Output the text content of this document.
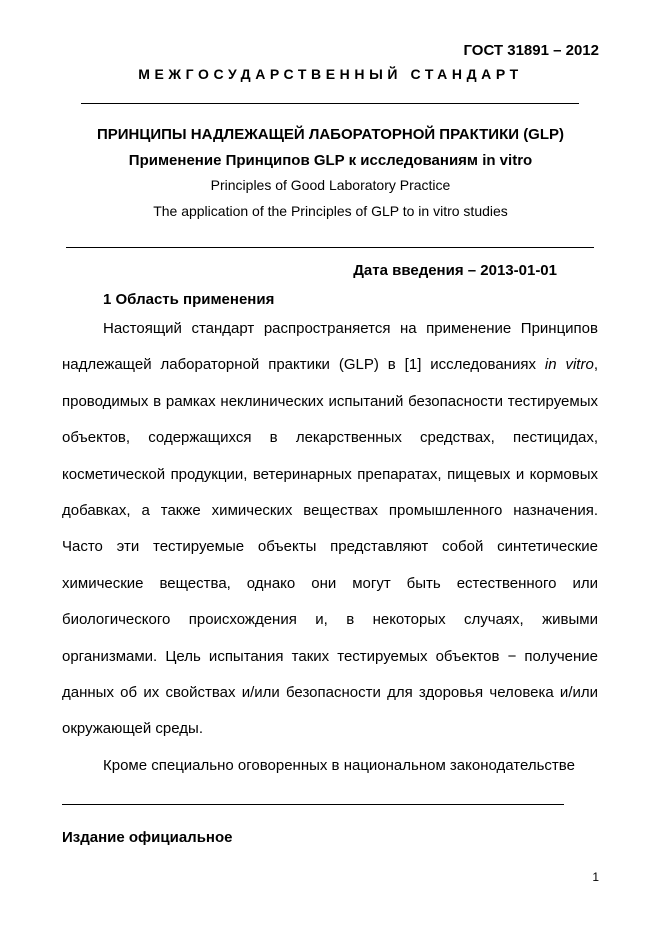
ГОСТ 31891 – 2012
МЕЖГОСУДАРСТВЕННЫЙ СТАНДАРТ
ПРИНЦИПЫ НАДЛЕЖАЩЕЙ ЛАБОРАТОРНОЙ ПРАКТИКИ (GLP)
Применение Принципов GLP к исследованиям in vitro
Principles of Good Laboratory Practice
The application of the Principles of GLP to in vitro studies
Дата введения – 2013-01-01
1 Область применения

Настоящий стандарт распространяется на применение Принципов надлежащей лабораторной практики (GLP) в [1] исследованиях in vitro, проводимых в рамках неклинических испытаний безопасности тестируемых объектов, содержащихся в лекарственных средствах, пестицидах, косметической продукции, ветеринарных препаратах, пищевых и кормовых добавках, а также химических веществах промышленного назначения. Часто эти тестируемые объекты представляют собой синтетические химические вещества, однако они могут быть естественного или биологического происхождения и, в некоторых случаях, живыми организмами. Цель испытания таких тестируемых объектов − получение данных об их свойствах и/или безопасности для здоровья человека и/или окружающей среды.

Кроме специально оговоренных в национальном законодательстве

Издание официальное
1
